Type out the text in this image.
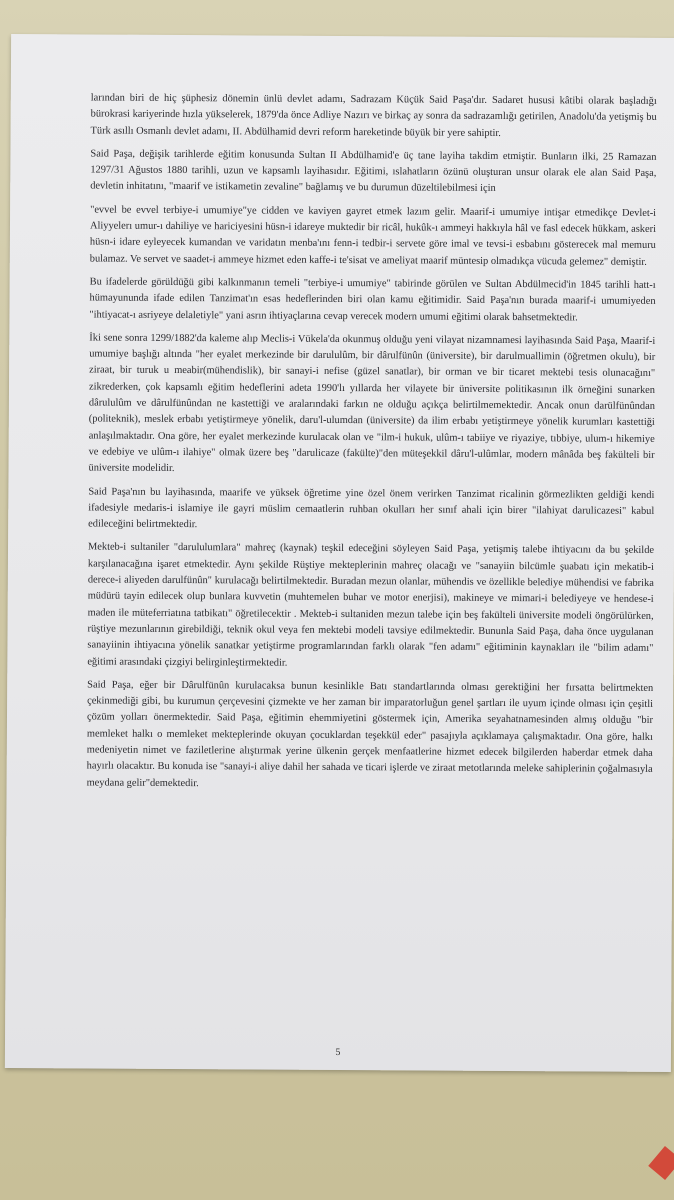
larından biri de hiç şüphesiz dönemin ünlü devlet adamı, Sadrazam Küçük Said Paşa'dır. Sadaret hususi kâtibi olarak başladığı bürokrasi kariyerinde hızla yükselerek, 1879'da önce Adliye Nazırı ve birkaç ay sonra da sadrazamlığı getirilen, Anadolu'da yetişmiş bu Türk asıllı Osmanlı devlet adamı, II. Abdülhamid devri reform hareketinde büyük bir yere sahiptir.

Said Paşa, değişik tarihlerde eğitim konusunda Sultan II Abdülhamid'e üç tane layiha takdim etmiştir. Bunların ilki, 25 Ramazan 1297/31 Ağustos 1880 tarihli, uzun ve kapsamlı layihasıdır. Eğitimi, ıslahatların özünü oluşturan unsur olarak ele alan Said Paşa, devletin inhitatını, "maarif ve istikametin zevaline" bağlamış ve bu durumun düzeltilebilmesi için

"evvel be evvel terbiye-i umumiye"ye cidden ve kaviyen gayret etmek lazım gelir. Maarif-i umumiye intişar etmedikçe Devlet-i Aliyyelerı umur-ı dahiliye ve hariciyesini hüsn-i idareye muktedir bir ricâl, hukûk-ı ammeyi hakkıyla hâl ve fasl edecek hükkam, askeri hüsn-i idare eyleyecek kumandan ve varidatın menba'ını fenn-i tedbir-i servete göre imal ve tevsi-i esbabını gösterecek mal memuru bulamaz. Ve servet ve saadet-i ammeye hizmet eden kaffe-i te'sisat ve ameliyat maarif müntesip olmadıkça vücuda gelemez" demiştir.

Bu ifadelerde görüldüğü gibi kalkınmanın temeli "terbiye-i umumiye" tabirinde görülen ve Sultan Abdülmecid'in 1845 tarihli hatt-ı hümayununda ifade edilen Tanzimat'ın esas hedeflerinden biri olan kamu eğitimidir. Said Paşa'nın burada maarif-i umumiyeden "ihtiyacat-ı asriyeye delaletiyle" yani asrın ihtiyaçlarına cevap verecek modern umumi eğitimi olarak bahsetmektedir.

İki sene sonra 1299/1882'da kaleme alıp Meclis-i Vükela'da okunmuş olduğu yeni vilayat nizamnamesi layihasında Said Paşa, Maarif-i umumiye başlığı altında "her eyalet merkezinde bir darululûm, bir dârulfünûn (üniversite), bir darulmuallimin (öğretmen okulu), bir ziraat, bir turuk u meabir(mühendislik), bir sanayi-i nefise (güzel sanatlar), bir orman ve bir ticaret mektebi tesis olunacağını" zikrederken, çok kapsamlı eğitim hedeflerini adeta 1990'lı yıllarda her vilayete bir üniversite politikasının ilk örneğini sunarken dârululûm ve dârulfünûndan ne kastettiği ve aralarındaki farkın ne olduğu açıkça belirtilmemektedir. Ancak onun darülfünûndan (politeknik), meslek erbabı yetiştirmeye yönelik, daru'l-ulumdan (üniversite) da ilim erbabı yetiştirmeye yönelik kurumları kastettiği anlaşılmaktadır. Ona göre, her eyalet merkezinde kurulacak olan ve "ilm-i hukuk, ulûm-ı tabiiye ve riyaziye, tıbbiye, ulum-ı hikemiye ve edebiye ve ulûm-ı ilahiye" olmak üzere beş "darulicaze (fakülte)"den müteşekkil dâru'l-ulûmlar, modern mânâda beş fakülteli bir üniversite modelidir.

Said Paşa'nın bu layihasında, maarife ve yüksek öğretime yine özel önem verirken Tanzimat ricalinin görmezlikten geldiği kendi ifadesiyle medaris-i islamiye ile gayri müslim cemaatlerin ruhban okulları her sınıf ahali için birer "ilahiyat darulicazesi" kabul edileceğini belirtmektedir.

Mekteb-i sultaniler "darululumlara" mahreç (kaynak) teşkil edeceğini söyleyen Said Paşa, yetişmiş talebe ihtiyacını da bu şekilde karşılanacağına işaret etmektedir. Aynı şekilde Rüştiye mekteplerinin mahreç olacağı ve "sanayiin bilcümle şuabatı için mekatib-i derece-i aliyeden darulfünûn" kurulacağı belirtilmektedir. Buradan mezun olanlar, mühendis ve özellikle belediye mühendisi ve fabrika müdürü tayin edilecek olup bunlara kuvvetin (muhtemelen buhar ve motor enerjisi), makineye ve mimari-i belediyeye ve hendese-i maden ile müteferriatına tatbikatı" öğretilecektir . Mekteb-i sultaniden mezun talebe için beş fakülteli üniversite modeli öngörülürken, rüştiye mezunlarının girebildiği, teknik okul veya fen mektebi modeli tavsiye edilmektedir. Bununla Said Paşa, daha önce uygulanan sanayiinin ihtiyacına yönelik sanatkar yetiştirme programlarından farklı olarak "fen adamı" eğitiminin kaynakları ile "bilim adamı" eğitimi arasındaki çizgiyi belirginleştirmektedir.

Said Paşa, eğer bir Dârulfünûn kurulacaksa bunun kesinlikle Batı standartlarında olması gerektiğini her fırsatta belirtmekten çekinmediği gibi, bu kurumun çerçevesini çizmekte ve her zaman bir imparatorluğun genel şartları ile uyum içinde olması için çeşitli çözüm yolları önermektedir. Said Paşa, eğitimin ehemmiyetini göstermek için, Amerika seyahatnamesinden almış olduğu "bir memleket halkı o memleket mekteplerinde okuyan çocuklardan teşekkül eder" pasajıyla açıklamaya çalışmaktadır. Ona göre, halkı medeniyetin nimet ve faziletlerine alıştırmak yerine ülkenin gerçek menfaatlerine hizmet edecek bilgilerden haberdar etmek daha hayırlı olacaktır. Bu konuda ise "sanayi-i aliye dahil her sahada ve ticari işlerde ve ziraat metotlarında meleke sahiplerinin çoğalmasıyla meydana gelir"demektedir.

5
